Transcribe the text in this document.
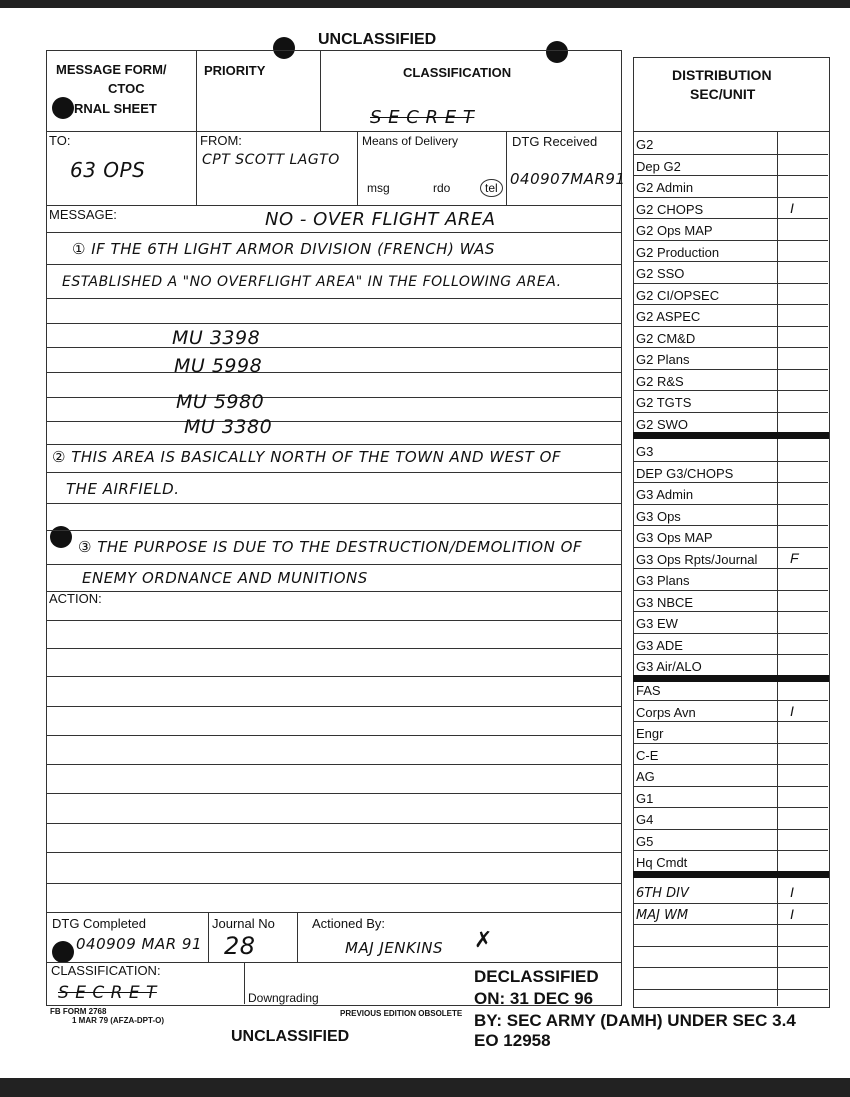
UNCLASSIFIED
MESSAGE FORM/
CTOC
RNAL SHEET
PRIORITY	CLASSIFICATION
S E C R E T
TO:
63 OPS
FROM:
CPT SCOTT LAGTO
Means of Delivery
msg	rdo	tel
DTG Received
040907MAR91
MESSAGE:	NO - OVER FLIGHT AREA
① IF THE 6TH LIGHT ARMOR DIVISION (FRENCH) WAS
ESTABLISHED A "NO OVERFLIGHT AREA" IN THE FOLLOWING AREA.
MU 3398
MU 5998
MU 5980
MU 3380
② THIS AREA IS BASICALLY NORTH OF THE TOWN AND WEST OF
THE AIRFIELD.
③ THE PURPOSE IS DUE TO THE DESTRUCTION/DEMOLITION OF
ENEMY ORDNANCE AND MUNITIONS
ACTION:
DTG Completed
040909 MAR 91
Journal No
28
Actioned By:
MAJ JENKINS ✗
CLASSIFICATION:
S E C R E T	Downgrading
DECLASSIFIED
ON: 31 DEC 96
BY: SEC ARMY (DAMH) UNDER SEC 3.4
EO 12958
FB FORM 2768
1 MAR 79 (AFZA-DPT-O)
PREVIOUS EDITION OBSOLETE
UNCLASSIFIED
DISTRIBUTION
SEC/UNIT
G2
Dep G2
G2 Admin
G2 CHOPS	I
G2 Ops MAP
G2 Production
G2 SSO
G2 CI/OPSEC
G2 ASPEC
G2 CM&D
G2 Plans
G2 R&S
G2 TGTS
G2 SWO
G3
DEP G3/CHOPS
G3 Admin
G3 Ops
G3 Ops MAP
G3 Ops Rpts/Journal F
G3 Plans
G3 NBCE
G3 EW
G3 ADE
G3 Air/ALO
FAS
Corps Avn	I
Engr
C-E
AG
G1
G4
G5
Hq Cmdt
6TH DIV	I
MAJ WM	I
